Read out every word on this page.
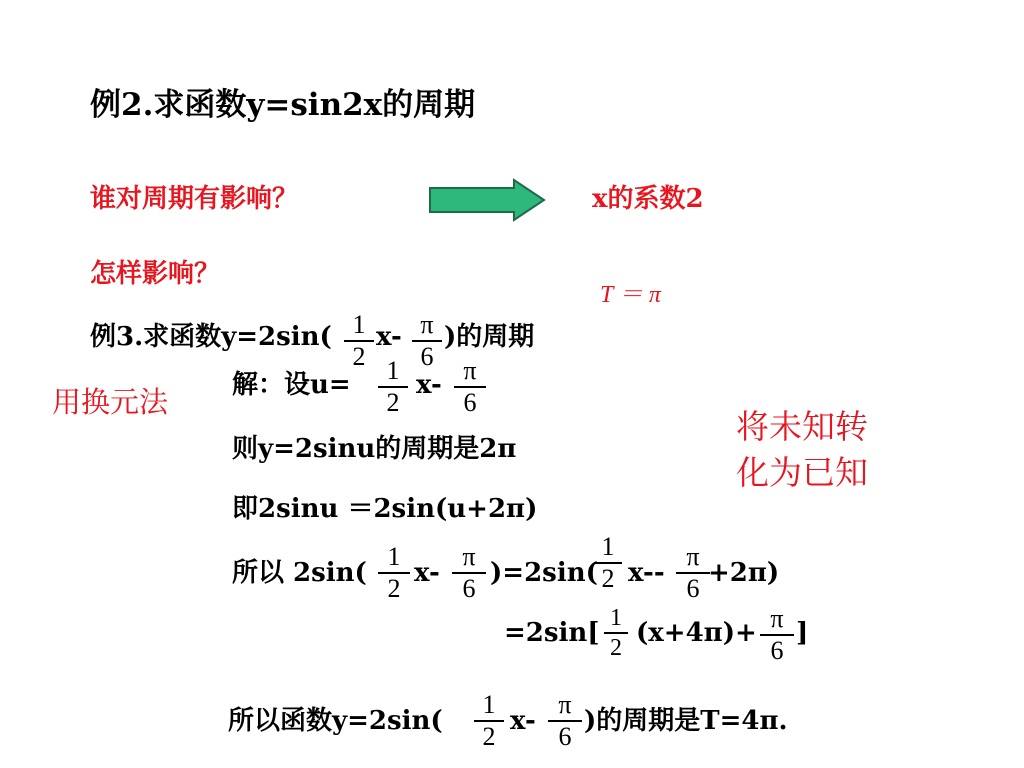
例2.求函数y=sin2x的周期
谁对周期有影响？	x的系数2
怎样影响？
T ＝ π
例3.求函数y=2sin( 1
2
x- π
6
)的周期
用换元法
将未知转
化为已知
解：设u=	1
2
x- π
6
则y=2sinu的周期是2π
即2sinu ＝2sin(u+2π)
所以 2sin(
1
2
x-
π
6
)=2sin(
1
2 x--
π
6
+2π)
=2sin[ 1
2 (x+4π)+ π
6
]
所以函数y=2sin(
1
2
x-
π
6
)的周期是T=4π.
